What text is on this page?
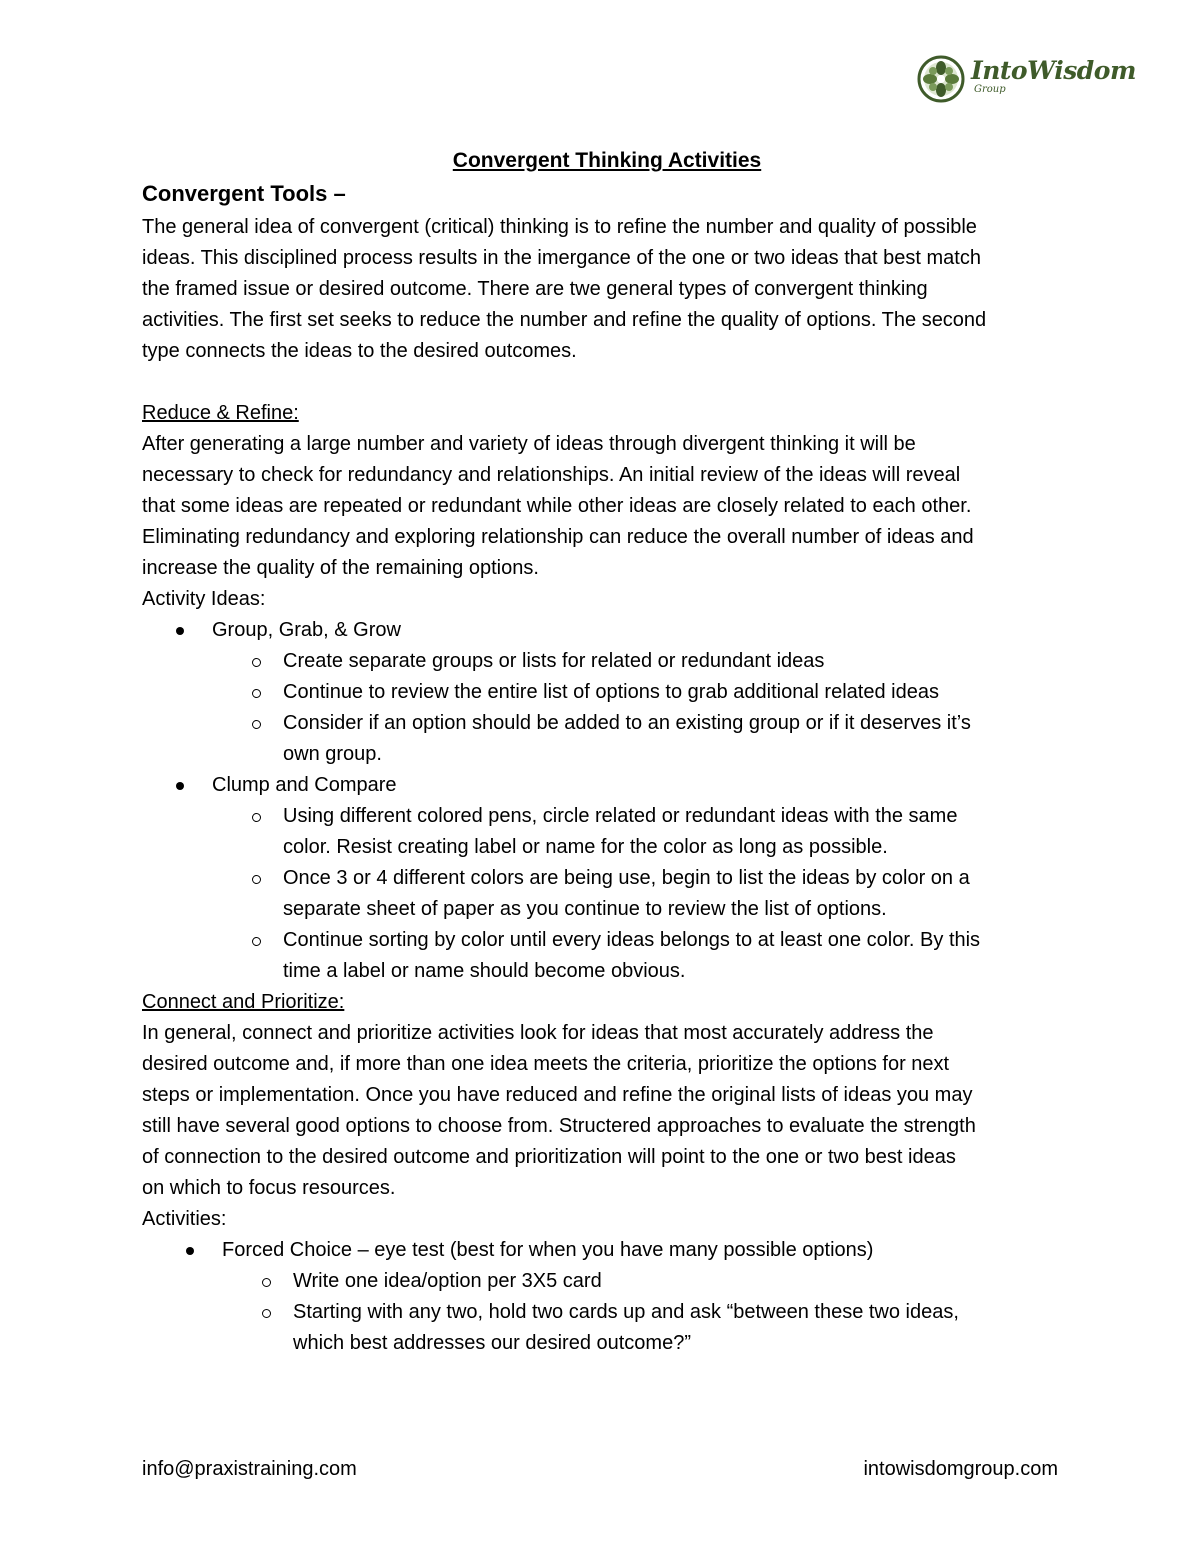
IntoWisdom
Group

Convergent Thinking Activities

Convergent Tools –

The general idea of convergent (critical) thinking is to refine the number and quality of possible

ideas. This disciplined process results in the imergance of the one or two ideas that best match

the framed issue or desired outcome. There are twe general types of convergent thinking

activities. The first set seeks to reduce the number and refine the quality of options. The second

type connects the ideas to the desired outcomes.

Reduce & Refine:

After generating a large number and variety of ideas through divergent thinking it will be

necessary to check for redundancy and relationships. An initial review of the ideas will reveal

that some ideas are repeated or redundant while other ideas are closely related to each other.

Eliminating redundancy and exploring relationship can reduce the overall number of ideas and

increase the quality of the remaining options.

Activity Ideas:

Group, Grab, & Grow

Create separate groups or lists for related or redundant ideas

Continue to review the entire list of options to grab additional related ideas

Consider if an option should be added to an existing group or if it deserves it’s

own group.

Clump and Compare

Using different colored pens, circle related or redundant ideas with the same

color. Resist creating label or name for the color as long as possible.

Once 3 or 4 different colors are being use, begin to list the ideas by color on a

separate sheet of paper as you continue to review the list of options.

Continue sorting by color until every ideas belongs to at least one color. By this

time a label or name should become obvious.

Connect and Prioritize:

In general, connect and prioritize activities look for ideas that most accurately address the

desired outcome and, if more than one idea meets the criteria, prioritize the options for next

steps or implementation. Once you have reduced and refine the original lists of ideas you may

still have several good options to choose from. Structered approaches to evaluate the strength

of connection to the desired outcome and prioritization will point to the one or two best ideas

on which to focus resources.

Activities:

Forced Choice – eye test (best for when you have many possible options)

Write one idea/option per 3X5 card

Starting with any two, hold two cards up and ask “between these two ideas,

which best addresses our desired outcome?”

info@praxistraining.com	intowisdomgroup.com
